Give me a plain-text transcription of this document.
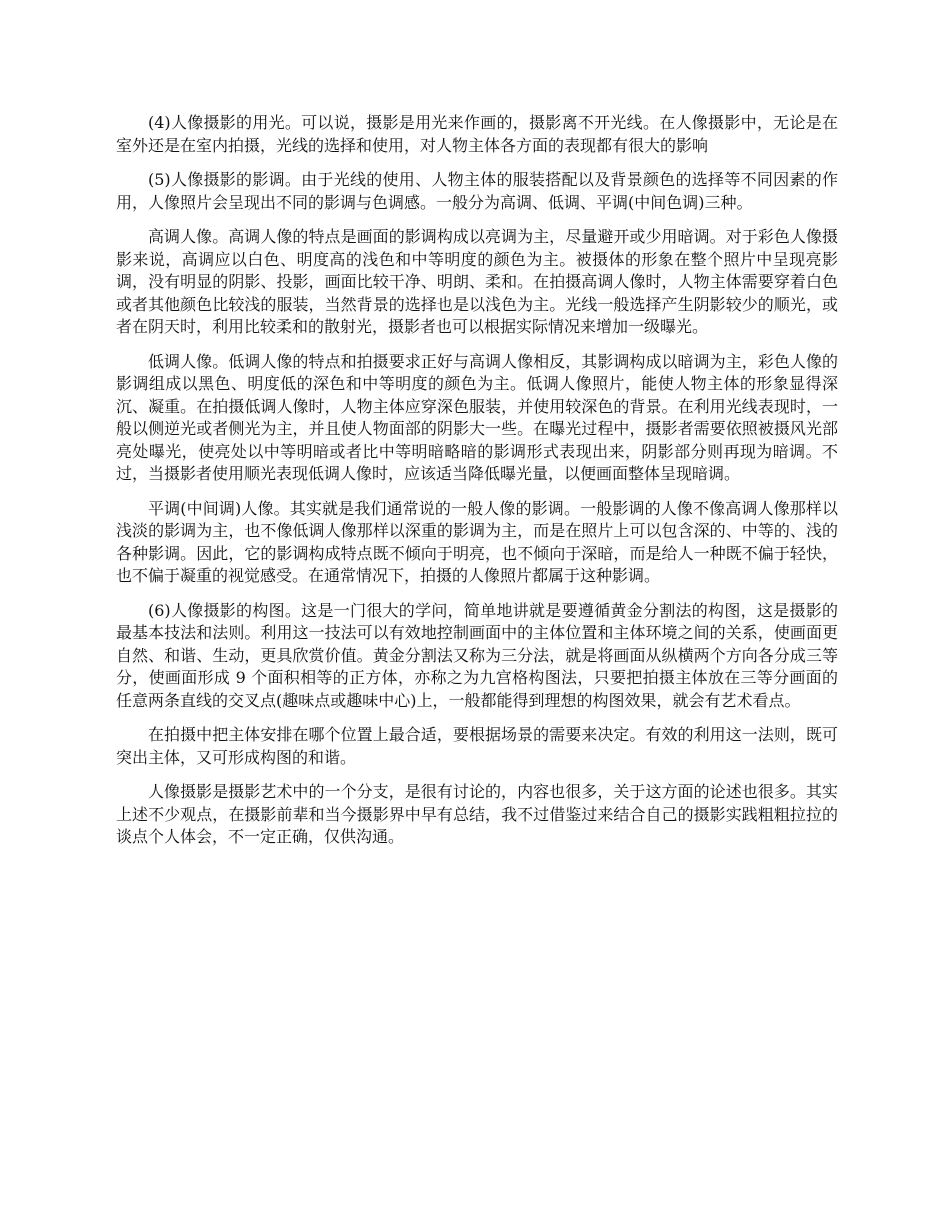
(4)人像摄影的用光。可以说，摄影是用光来作画的，摄影离不开光线。在人像摄影中，无论是在室外还是在室内拍摄，光线的选择和使用，对人物主体各方面的表现都有很大的影响

(5)人像摄影的影调。由于光线的使用、人物主体的服装搭配以及背景颜色的选择等不同因素的作用，人像照片会呈现出不同的影调与色调感。一般分为高调、低调、平调(中间色调)三种。

高调人像。高调人像的特点是画面的影调构成以亮调为主，尽量避开或少用暗调。对于彩色人像摄影来说，高调应以白色、明度高的浅色和中等明度的颜色为主。被摄体的形象在整个照片中呈现亮影调，没有明显的阴影、投影，画面比较干净、明朗、柔和。在拍摄高调人像时，人物主体需要穿着白色或者其他颜色比较浅的服装，当然背景的选择也是以浅色为主。光线一般选择产生阴影较少的顺光，或者在阴天时，利用比较柔和的散射光，摄影者也可以根据实际情况来增加一级曝光。

低调人像。低调人像的特点和拍摄要求正好与高调人像相反，其影调构成以暗调为主，彩色人像的影调组成以黑色、明度低的深色和中等明度的颜色为主。低调人像照片，能使人物主体的形象显得深沉、凝重。在拍摄低调人像时，人物主体应穿深色服装，并使用较深色的背景。在利用光线表现时，一般以侧逆光或者侧光为主，并且使人物面部的阴影大一些。在曝光过程中，摄影者需要依照被摄风光部亮处曝光，使亮处以中等明暗或者比中等明暗略暗的影调形式表现出来，阴影部分则再现为暗调。不过，当摄影者使用顺光表现低调人像时，应该适当降低曝光量，以便画面整体呈现暗调。

平调(中间调)人像。其实就是我们通常说的一般人像的影调。一般影调的人像不像高调人像那样以浅淡的影调为主，也不像低调人像那样以深重的影调为主，而是在照片上可以包含深的、中等的、浅的各种影调。因此，它的影调构成特点既不倾向于明亮，也不倾向于深暗，而是给人一种既不偏于轻快，也不偏于凝重的视觉感受。在通常情况下，拍摄的人像照片都属于这种影调。

(6)人像摄影的构图。这是一门很大的学问，简单地讲就是要遵循黄金分割法的构图，这是摄影的最基本技法和法则。利用这一技法可以有效地控制画面中的主体位置和主体环境之间的关系，使画面更自然、和谐、生动，更具欣赏价值。黄金分割法又称为三分法，就是将画面从纵横两个方向各分成三等分，使画面形成 9 个面积相等的正方体，亦称之为九宫格构图法，只要把拍摄主体放在三等分画面的任意两条直线的交叉点(趣味点或趣味中心)上，一般都能得到理想的构图效果，就会有艺术看点。

在拍摄中把主体安排在哪个位置上最合适，要根据场景的需要来决定。有效的利用这一法则，既可突出主体，又可形成构图的和谐。

人像摄影是摄影艺术中的一个分支，是很有讨论的，内容也很多，关于这方面的论述也很多。其实上述不少观点，在摄影前辈和当今摄影界中早有总结，我不过借鉴过来结合自己的摄影实践粗粗拉拉的谈点个人体会，不一定正确，仅供沟通。
